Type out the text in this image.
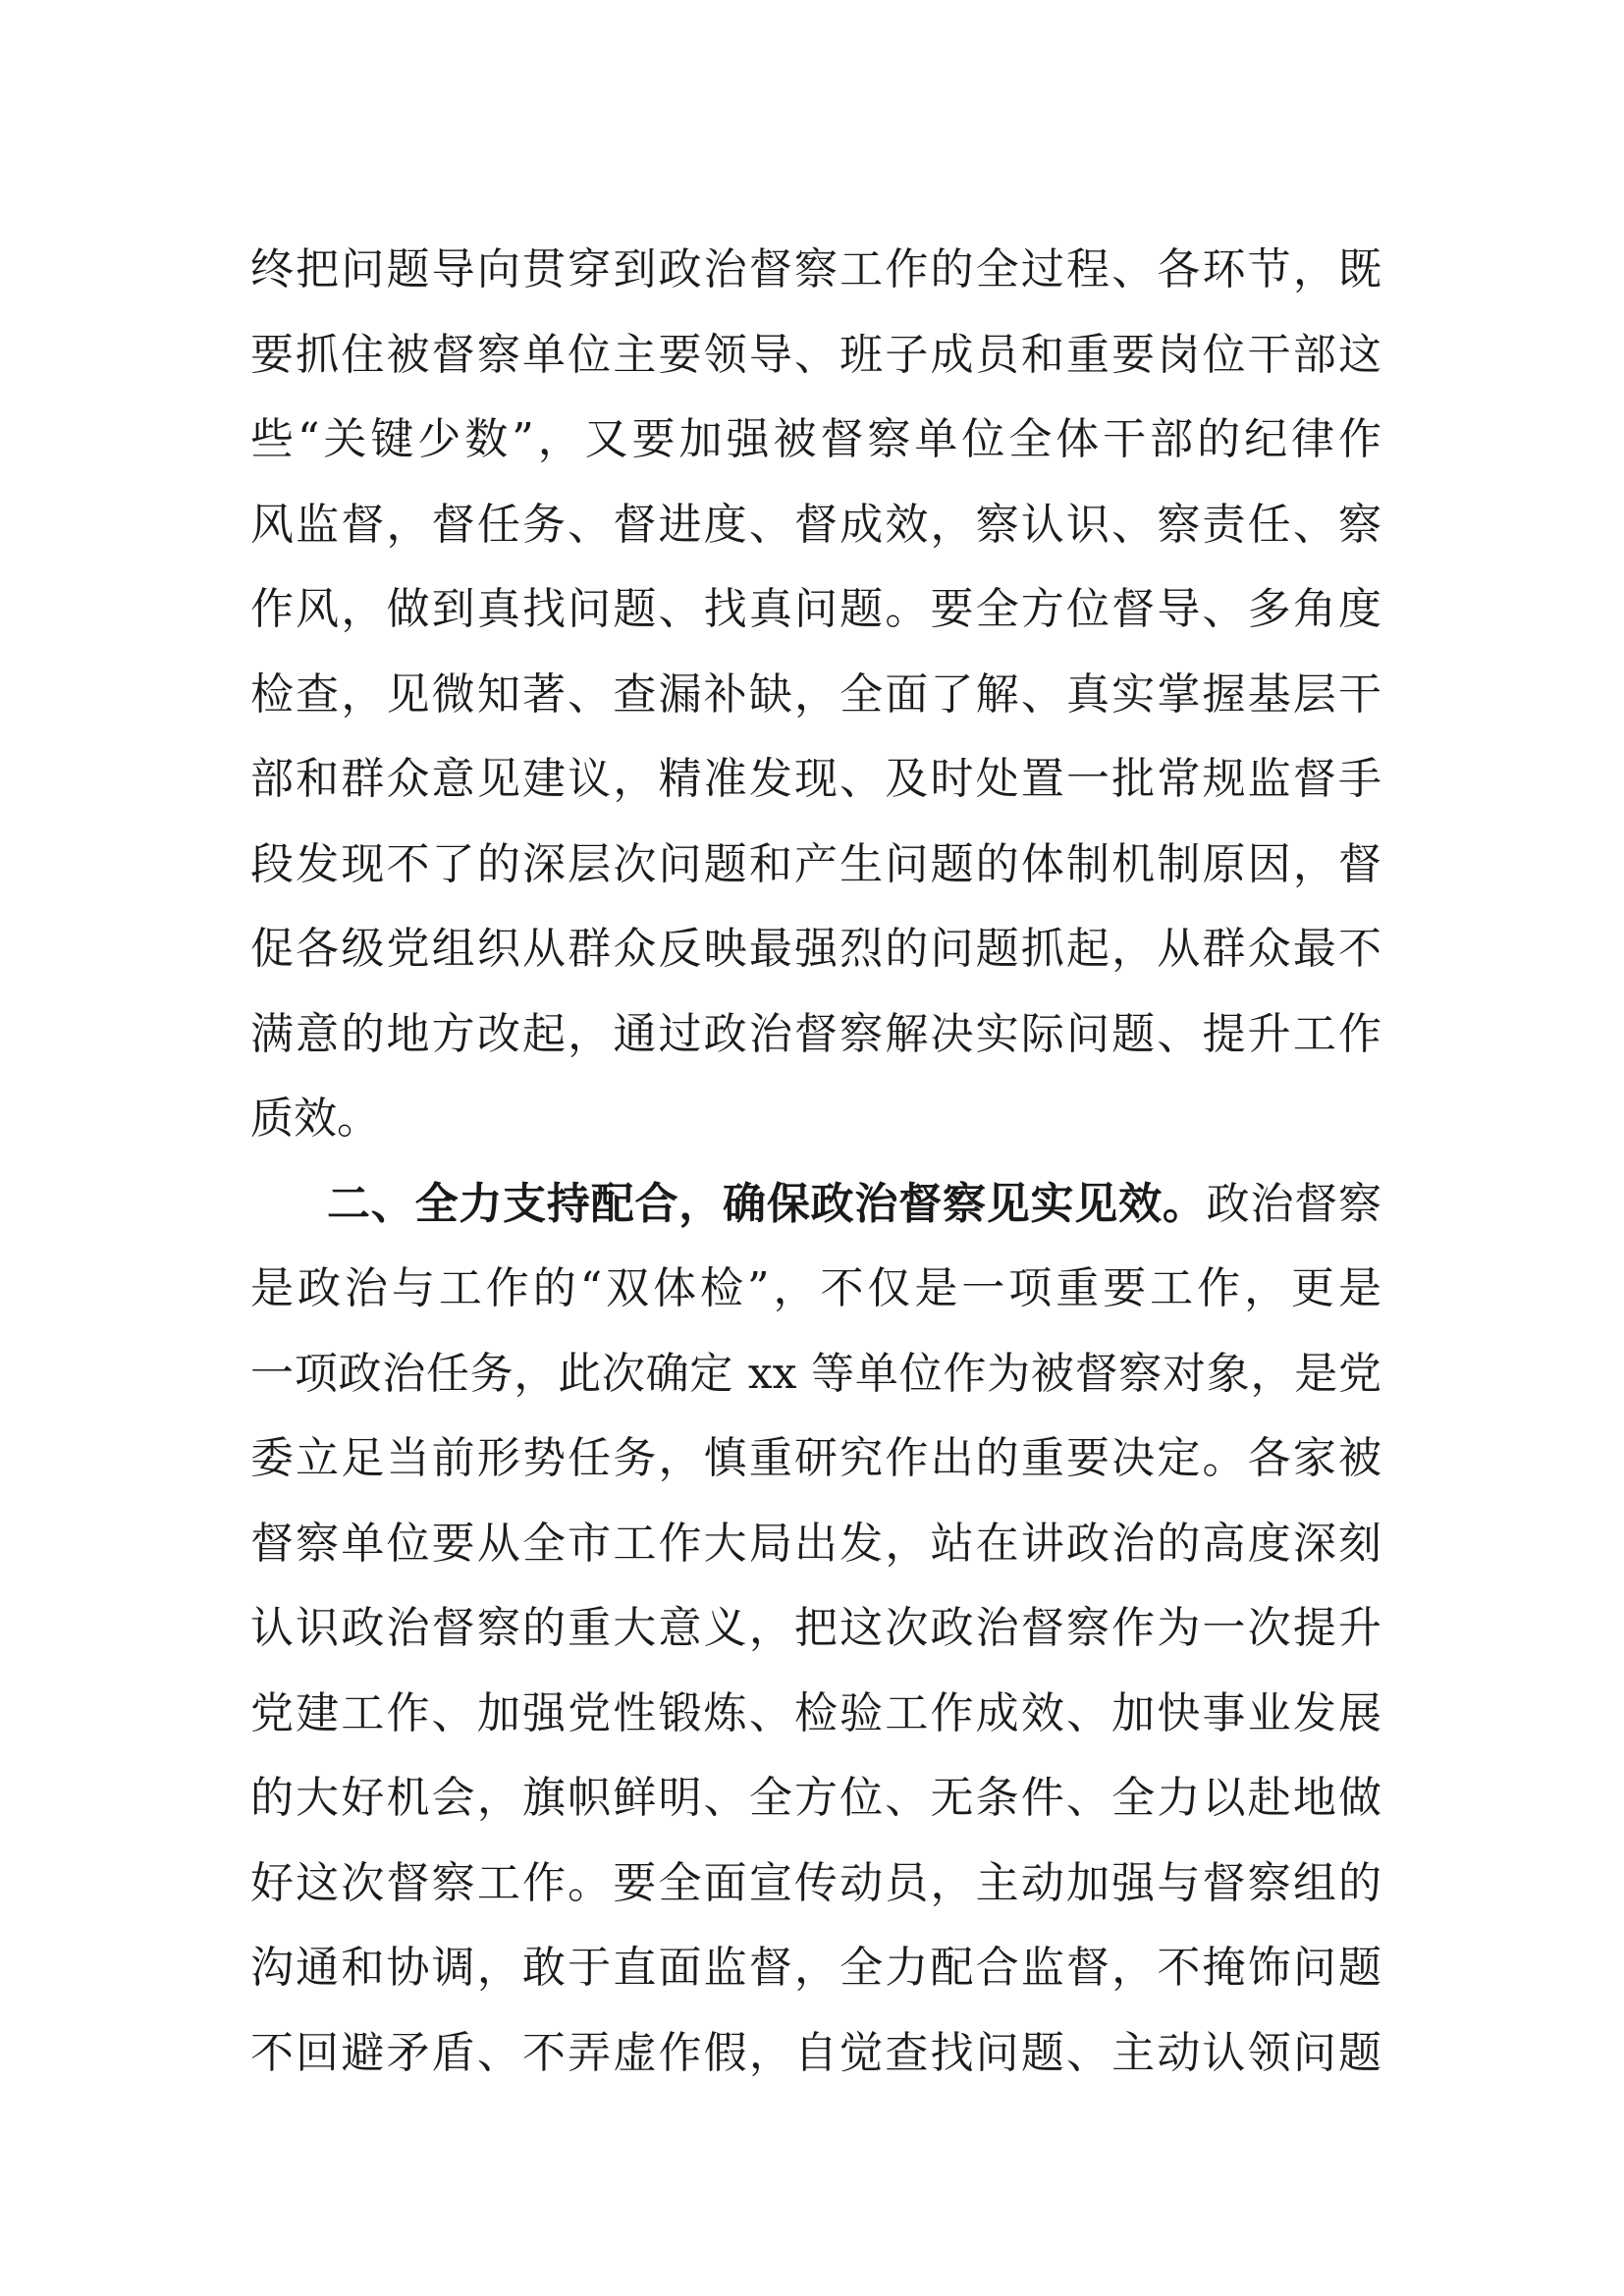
终把问题导向贯穿到政治督察工作的全过程、各环节，既
要抓住被督察单位主要领导、班子成员和重要岗位干部这
些“关键少数”，又要加强被督察单位全体干部的纪律作
风监督，督任务、督进度、督成效，察认识、察责任、察
作风，做到真找问题、找真问题。要全方位督导、多角度
检查，见微知著、查漏补缺，全面了解、真实掌握基层干
部和群众意见建议，精准发现、及时处置一批常规监督手
段发现不了的深层次问题和产生问题的体制机制原因，督
促各级党组织从群众反映最强烈的问题抓起，从群众最不
满意的地方改起，通过政治督察解决实际问题、提升工作
质效。
二、全力支持配合，确保政治督察见实见效。政治督察
是政治与工作的“双体检”，不仅是一项重要工作，更是
一项政治任务，此次确定 xx 等单位作为被督察对象，是党
委立足当前形势任务，慎重研究作出的重要决定。各家被
督察单位要从全市工作大局出发，站在讲政治的高度深刻
认识政治督察的重大意义，把这次政治督察作为一次提升
党建工作、加强党性锻炼、检验工作成效、加快事业发展
的大好机会，旗帜鲜明、全方位、无条件、全力以赴地做
好这次督察工作。要全面宣传动员，主动加强与督察组的
沟通和协调，敢于直面监督，全力配合监督，不掩饰问题
不回避矛盾、不弄虚作假，自觉查找问题、主动认领问题
